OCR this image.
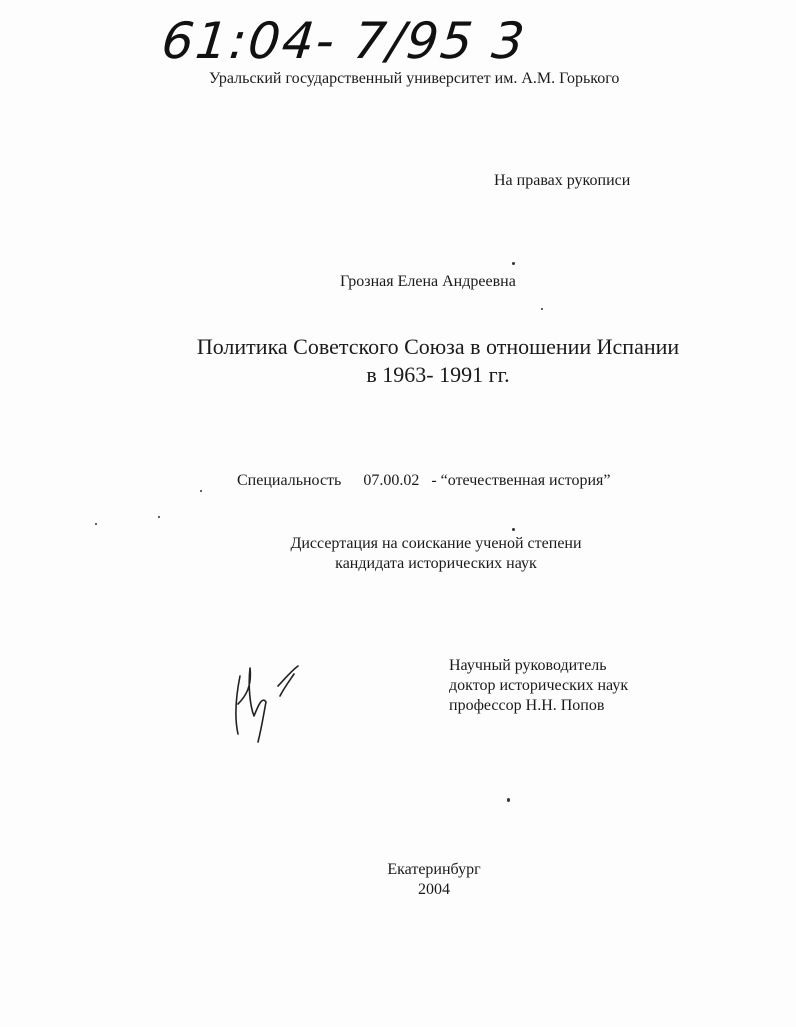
61:04- 7/95 3
Уральский государственный университет им. А.М. Горького
На правах рукописи
Грозная Елена Андреевна
Политика Советского Союза в отношении Испании
в 1963- 1991 гг.
Специальность 07.00.02 - “отечественная история”
Диссертация на соискание ученой степени
кандидата исторических наук
Научный руководитель
доктор исторических наук
профессор Н.Н. Попов
Екатеринбург
2004
